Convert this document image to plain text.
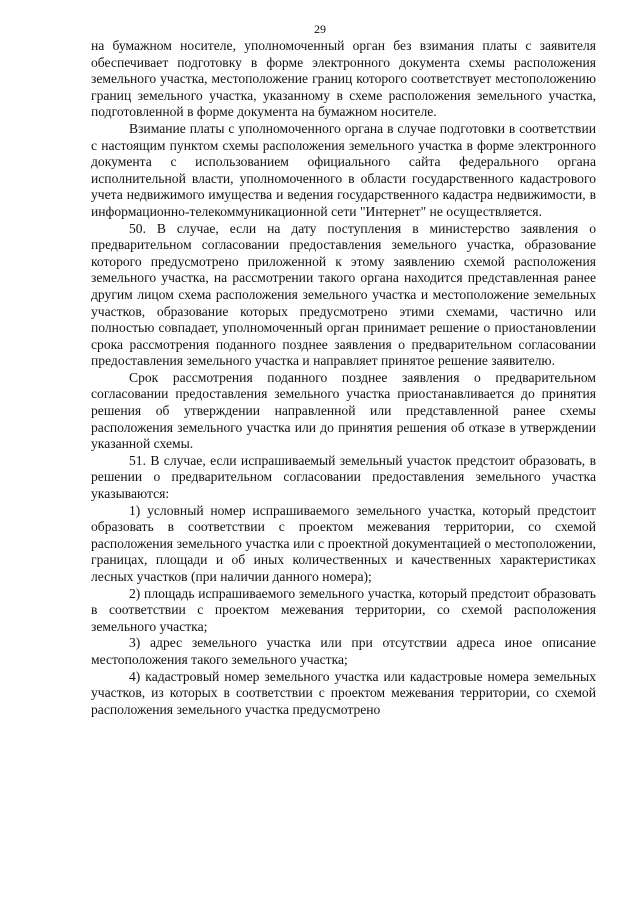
29

на бумажном носителе, уполномоченный орган без взимания платы с заявителя обеспечивает подготовку в форме электронного документа схемы расположения земельного участка, местоположение границ которого соответствует местоположению границ земельного участка, указанному в схеме расположения земельного участка, подготовленной в форме документа на бумажном носителе.

Взимание платы с уполномоченного органа в случае подготовки в соответствии с настоящим пунктом схемы расположения земельного участка в форме электронного документа с использованием официального сайта федерального органа исполнительной власти, уполномоченного в области государственного кадастрового учета недвижимого имущества и ведения государственного кадастра недвижимости, в информационно-телекоммуникационной сети "Интернет" не осуществляется.

50. В случае, если на дату поступления в министерство заявления о предварительном согласовании предоставления земельного участка, образование которого предусмотрено приложенной к этому заявлению схемой расположения земельного участка, на рассмотрении такого органа находится представленная ранее другим лицом схема расположения земельного участка и местоположение земельных участков, образование которых предусмотрено этими схемами, частично или полностью совпадает, уполномоченный орган принимает решение о приостановлении срока рассмотрения поданного позднее заявления о предварительном согласовании предоставления земельного участка и направляет принятое решение заявителю.

Срок рассмотрения поданного позднее заявления о предварительном согласовании предоставления земельного участка приостанавливается до принятия решения об утверждении направленной или представленной ранее схемы расположения земельного участка или до принятия решения об отказе в утверждении указанной схемы.

51. В случае, если испрашиваемый земельный участок предстоит образовать, в решении о предварительном согласовании предоставления земельного участка указываются:

1) условный номер испрашиваемого земельного участка, который предстоит образовать в соответствии с проектом межевания территории, со схемой расположения земельного участка или с проектной документацией о местоположении, границах, площади и об иных количественных и качественных характеристиках лесных участков (при наличии данного номера);

2) площадь испрашиваемого земельного участка, который предстоит образовать в соответствии с проектом межевания территории, со схемой расположения земельного участка;

3) адрес земельного участка или при отсутствии адреса иное описание местоположения такого земельного участка;

4) кадастровый номер земельного участка или кадастровые номера земельных участков, из которых в соответствии с проектом межевания территории, со схемой расположения земельного участка предусмотрено
